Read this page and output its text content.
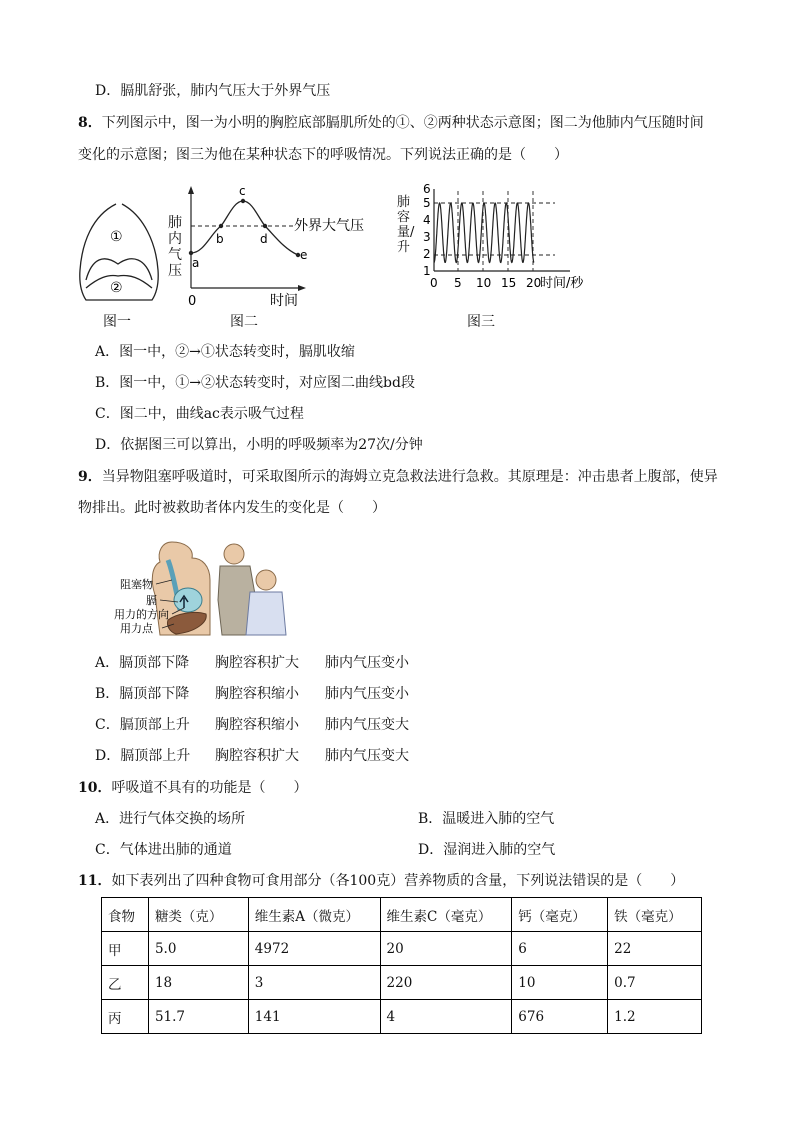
D．膈肌舒张，肺内气压大于外界气压
8．下列图示中，图一为小明的胸腔底部膈肌所处的①、②两种状态示意图；图二为他肺内气压随时间
变化的示意图；图三为他在某种状态下的呼吸情况。下列说法正确的是（　　）
①
②
图一
a
b
c
d
e
外界大气压
0	时间
肺内气压
图二
1
2
3
4
5
6
0 5 10 15 20
时间/秒
肺容量/升
图三
A．图一中，②→①状态转变时，膈肌收缩
B．图一中，①→②状态转变时，对应图二曲线bd段
C．图二中，曲线ac表示吸气过程
D．依据图三可以算出，小明的呼吸频率为27次/分钟
9．当异物阻塞呼吸道时，可采取图所示的海姆立克急救法进行急救。其原理是：冲击患者上腹部，使异
物排出。此时被救助者体内发生的变化是（　　）
阻塞物
膈
用力的方向
用力点
A．膈顶部下降 胸腔容积扩大 肺内气压变小
B．膈顶部下降 胸腔容积缩小 肺内气压变小
C．膈顶部上升 胸腔容积缩小 肺内气压变大
D．膈顶部上升 胸腔容积扩大 肺内气压变大
10．呼吸道不具有的功能是（　　）
A．进行气体交换的场所	B．温暖进入肺的空气
C．气体进出肺的通道	D．湿润进入肺的空气
11．如下表列出了四种食物可食用部分（各100克）营养物质的含量，下列说法错误的是（　　）
食物	糖类（克）	维生素A（微克）	维生素C（毫克）	钙（毫克）	铁（毫克）
甲	5.0	4972	20	6	22
乙	18	3	220	10	0.7
丙	51.7	141	4	676	1.2
